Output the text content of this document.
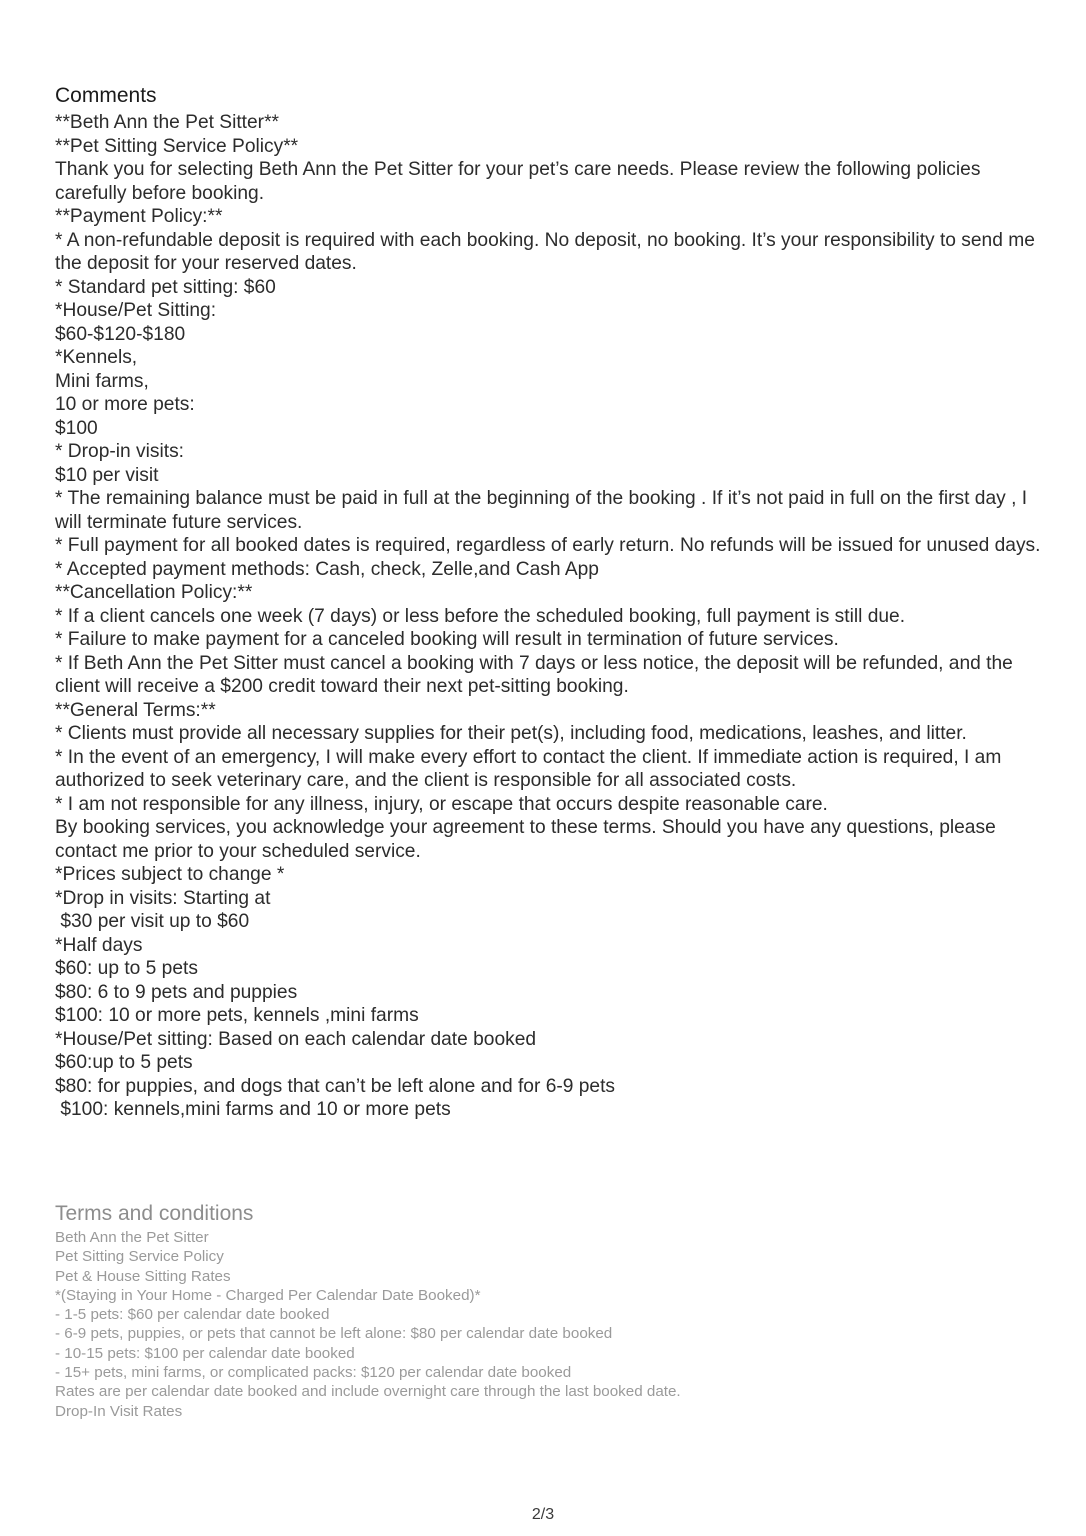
Comments

**Beth Ann the Pet Sitter**

**Pet Sitting Service Policy**

Thank you for selecting Beth Ann the Pet Sitter for your pet’s care needs. Please review the following policies carefully before booking.

**Payment Policy:**

* A non-refundable deposit is required with each booking. No deposit, no booking. It’s your responsibility to send me the deposit for your reserved dates.

* Standard pet sitting: $60

*House/Pet Sitting:

$60-$120-$180

*Kennels,

Mini farms,

10 or more pets:

$100

* Drop-in visits:

$10 per visit

* The remaining balance must be paid in full at the beginning of the booking . If it’s not paid in full on the first day , I will terminate future services.

* Full payment for all booked dates is required, regardless of early return. No refunds will be issued for unused days.

* Accepted payment methods: Cash, check, Zelle,and Cash App

**Cancellation Policy:**

* If a client cancels one week (7 days) or less before the scheduled booking, full payment is still due.

* Failure to make payment for a canceled booking will result in termination of future services.

* If Beth Ann the Pet Sitter must cancel a booking with 7 days or less notice, the deposit will be refunded, and the client will receive a $200 credit toward their next pet-sitting booking.

**General Terms:**

* Clients must provide all necessary supplies for their pet(s), including food, medications, leashes, and litter.

* In the event of an emergency, I will make every effort to contact the client. If immediate action is required, I am authorized to seek veterinary care, and the client is responsible for all associated costs.

* I am not responsible for any illness, injury, or escape that occurs despite reasonable care.

By booking services, you acknowledge your agreement to these terms. Should you have any questions, please contact me prior to your scheduled service.

*Prices subject to change *

*Drop in visits: Starting at

$30 per visit up to $60

*Half days

$60: up to 5 pets

$80: 6 to 9 pets and puppies

$100: 10 or more pets, kennels ,mini farms

*House/Pet sitting: Based on each calendar date booked

$60:up to 5 pets

$80: for puppies, and dogs that can’t be left alone and for 6-9 pets

$100: kennels,mini farms and 10 or more pets

Terms and conditions

Beth Ann the Pet Sitter

Pet Sitting Service Policy

Pet & House Sitting Rates

*(Staying in Your Home - Charged Per Calendar Date Booked)*

- 1-5 pets: $60 per calendar date booked

- 6-9 pets, puppies, or pets that cannot be left alone: $80 per calendar date booked

- 10-15 pets: $100 per calendar date booked

- 15+ pets, mini farms, or complicated packs: $120 per calendar date booked

Rates are per calendar date booked and include overnight care through the last booked date.

Drop-In Visit Rates

2/3
